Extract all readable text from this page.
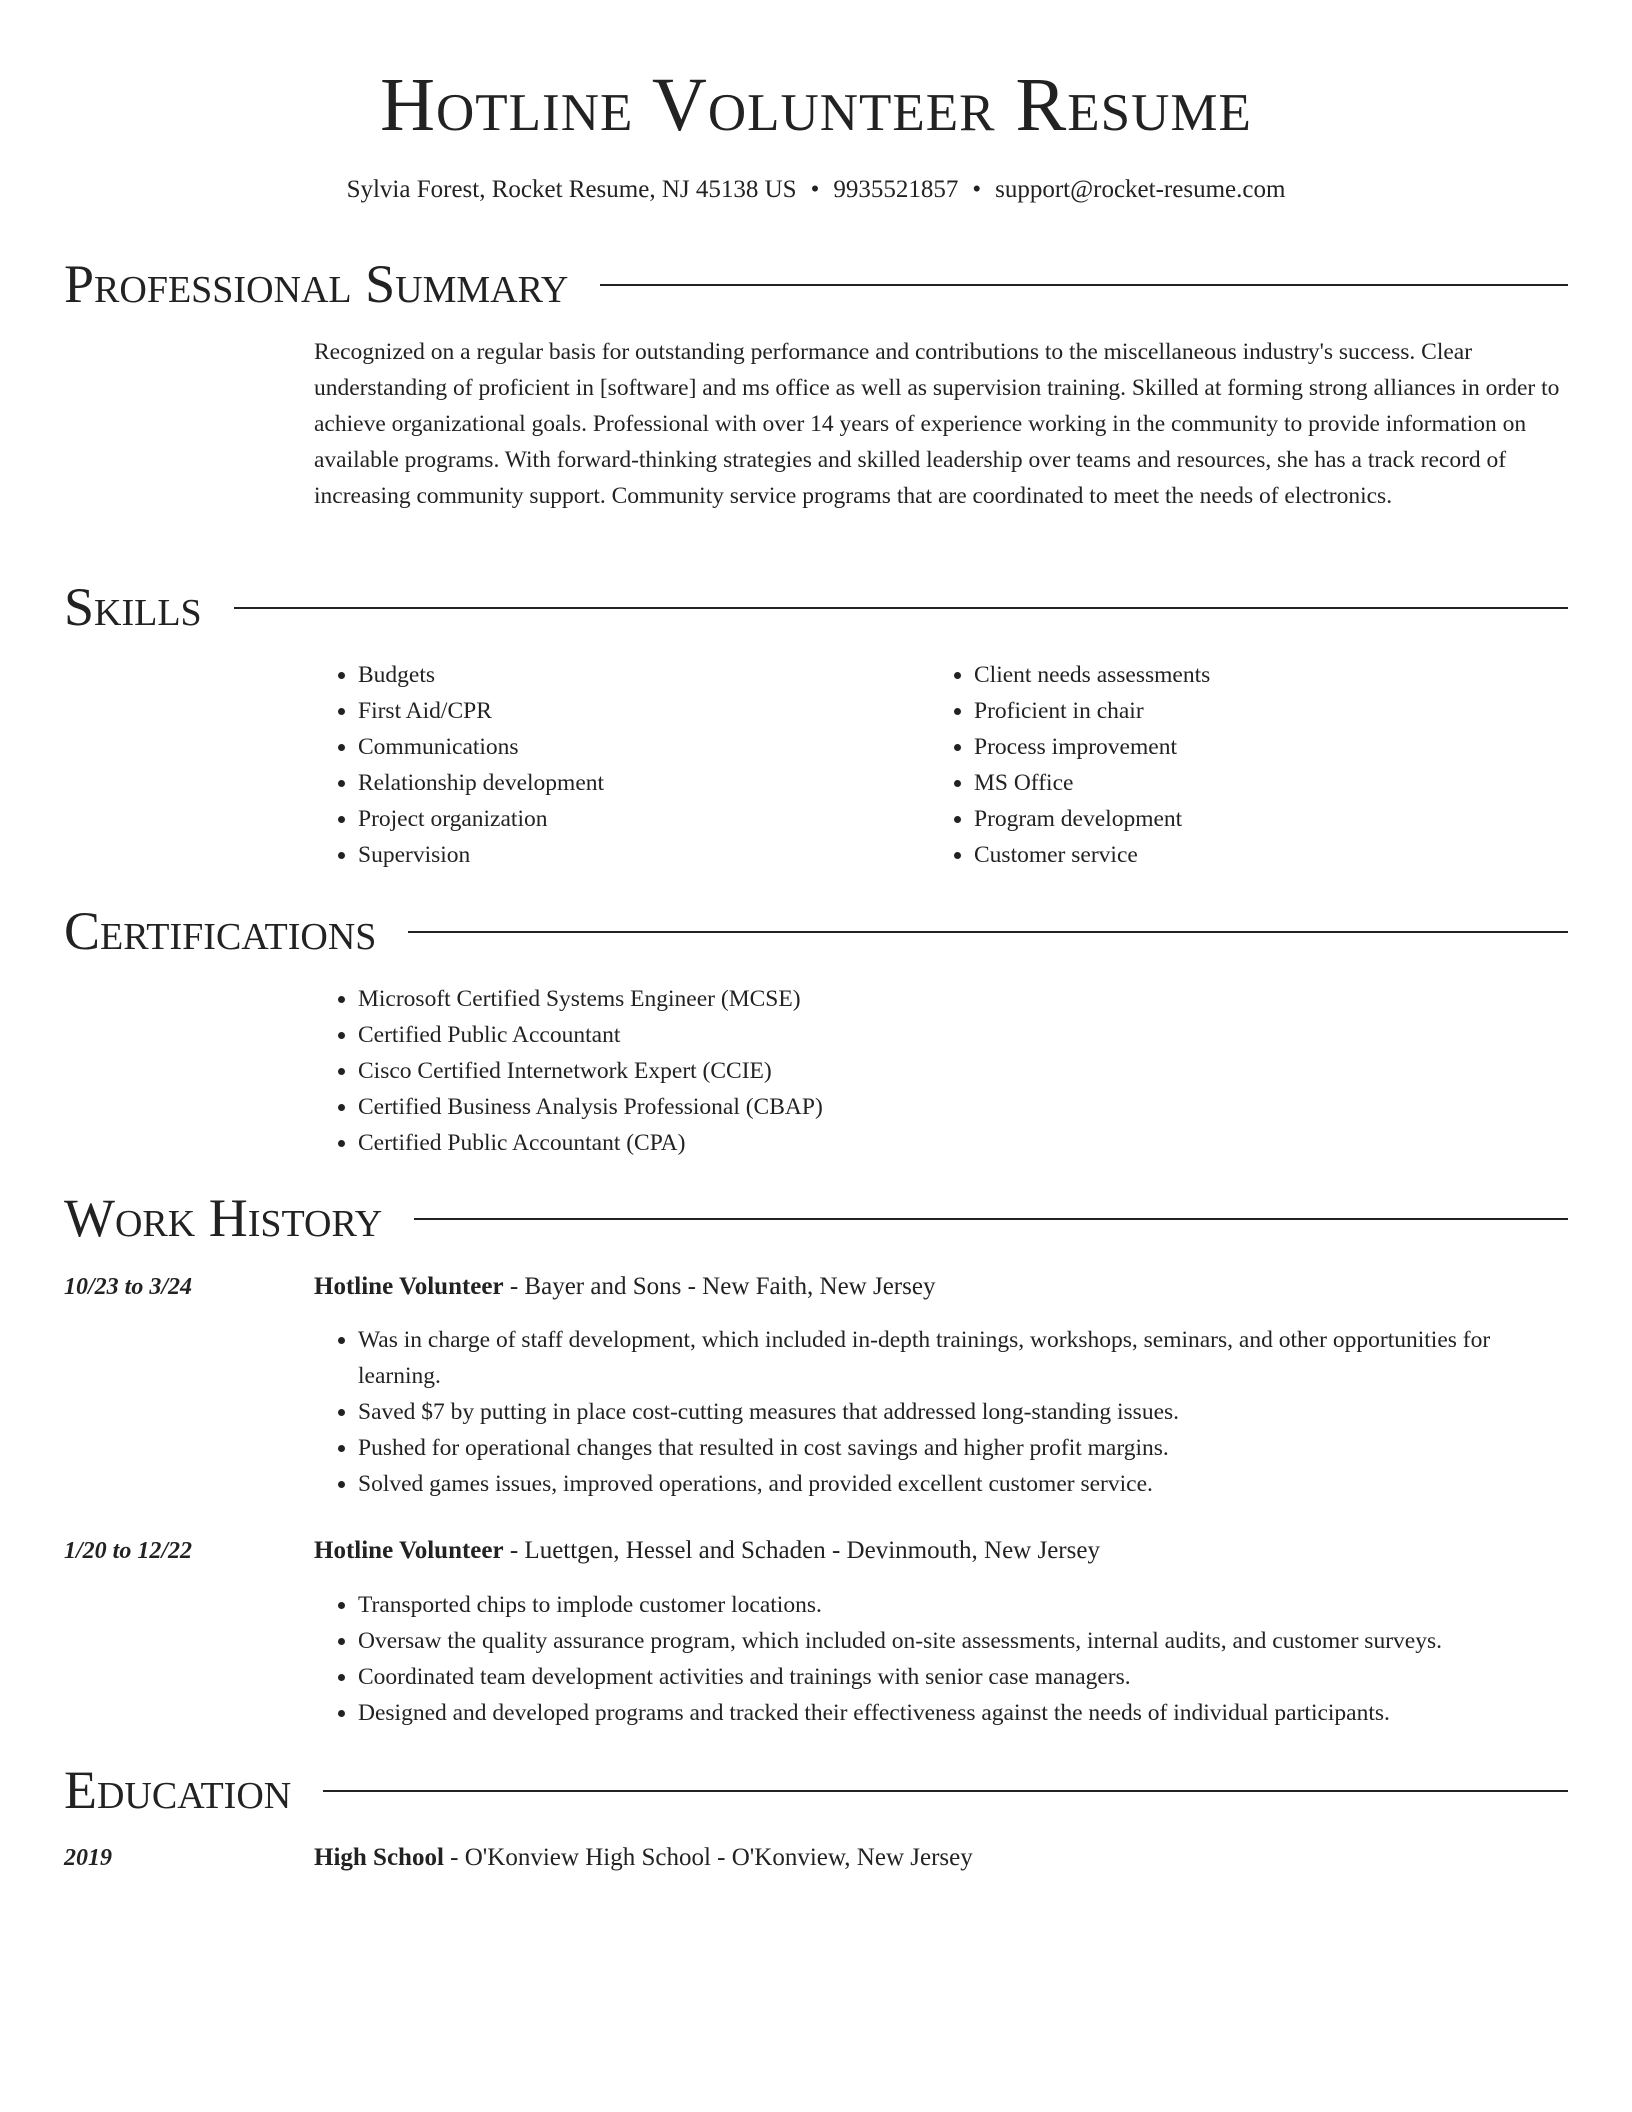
Hotline Volunteer Resume
Sylvia Forest, Rocket Resume, NJ 45138 US • 9935521857 • support@rocket-resume.com
Professional Summary
Recognized on a regular basis for outstanding performance and contributions to the miscellaneous industry's success. Clear understanding of proficient in [software] and ms office as well as supervision training. Skilled at forming strong alliances in order to achieve organizational goals. Professional with over 14 years of experience working in the community to provide information on available programs. With forward-thinking strategies and skilled leadership over teams and resources, she has a track record of increasing community support. Community service programs that are coordinated to meet the needs of electronics.
Skills
• Budgets
• First Aid/CPR
• Communications
• Relationship development
• Project organization
• Supervision
• Client needs assessments
• Proficient in chair
• Process improvement
• MS Office
• Program development
• Customer service
Certifications
• Microsoft Certified Systems Engineer (MCSE)
• Certified Public Accountant
• Cisco Certified Internetwork Expert (CCIE)
• Certified Business Analysis Professional (CBAP)
• Certified Public Accountant (CPA)
Work History
10/23 to 3/24	Hotline Volunteer - Bayer and Sons - New Faith, New Jersey
• Was in charge of staff development, which included in-depth trainings, workshops, seminars, and other opportunities for learning.
• Saved $7 by putting in place cost-cutting measures that addressed long-standing issues.
• Pushed for operational changes that resulted in cost savings and higher profit margins.
• Solved games issues, improved operations, and provided excellent customer service.
1/20 to 12/22	Hotline Volunteer - Luettgen, Hessel and Schaden - Devinmouth, New Jersey
• Transported chips to implode customer locations.
• Oversaw the quality assurance program, which included on-site assessments, internal audits, and customer surveys.
• Coordinated team development activities and trainings with senior case managers.
• Designed and developed programs and tracked their effectiveness against the needs of individual participants.
Education
2019	High School - O'Konview High School - O'Konview, New Jersey
